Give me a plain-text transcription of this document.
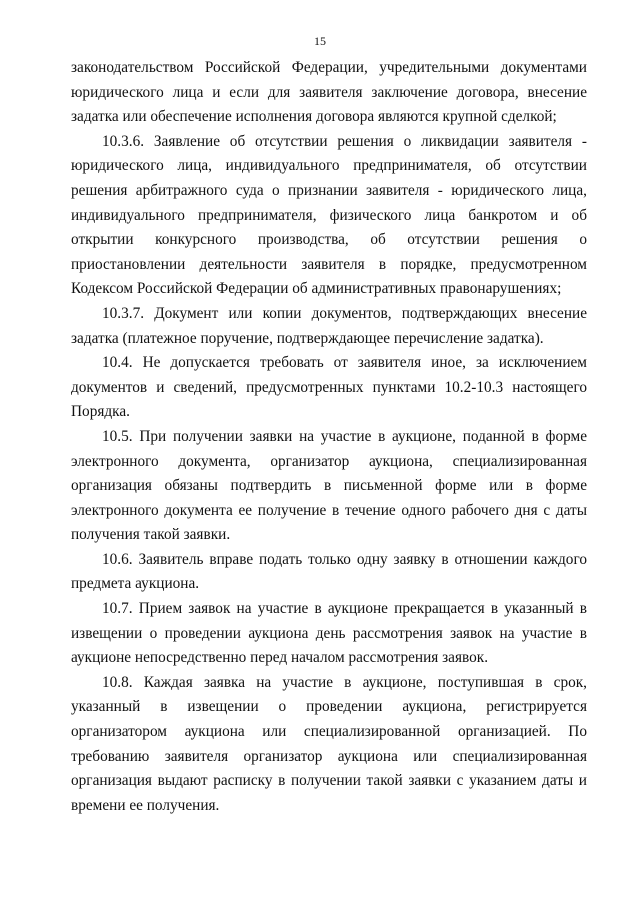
15

законодательством Российской Федерации, учредительными документами юридического лица и если для заявителя заключение договора, внесение задатка или обеспечение исполнения договора являются крупной сделкой;

10.3.6. Заявление об отсутствии решения о ликвидации заявителя - юридического лица, индивидуального предпринимателя, об отсутствии решения арбитражного суда о признании заявителя - юридического лица, индивидуального предпринимателя, физического лица банкротом и об открытии конкурсного производства, об отсутствии решения о приостановлении деятельности заявителя в порядке, предусмотренном Кодексом Российской Федерации об административных правонарушениях;

10.3.7. Документ или копии документов, подтверждающих внесение задатка (платежное поручение, подтверждающее перечисление задатка).

10.4. Не допускается требовать от заявителя иное, за исключением документов и сведений, предусмотренных пунктами 10.2-10.3 настоящего Порядка.

10.5. При получении заявки на участие в аукционе, поданной в форме электронного документа, организатор аукциона, специализированная организация обязаны подтвердить в письменной форме или в форме электронного документа ее получение в течение одного рабочего дня с даты получения такой заявки.

10.6. Заявитель вправе подать только одну заявку в отношении каждого предмета аукциона.

10.7. Прием заявок на участие в аукционе прекращается в указанный в извещении о проведении аукциона день рассмотрения заявок на участие в аукционе непосредственно перед началом рассмотрения заявок.

10.8. Каждая заявка на участие в аукционе, поступившая в срок, указанный в извещении о проведении аукциона, регистрируется организатором аукциона или специализированной организацией. По требованию заявителя организатор аукциона или специализированная организация выдают расписку в получении такой заявки с указанием даты и времени ее получения.
